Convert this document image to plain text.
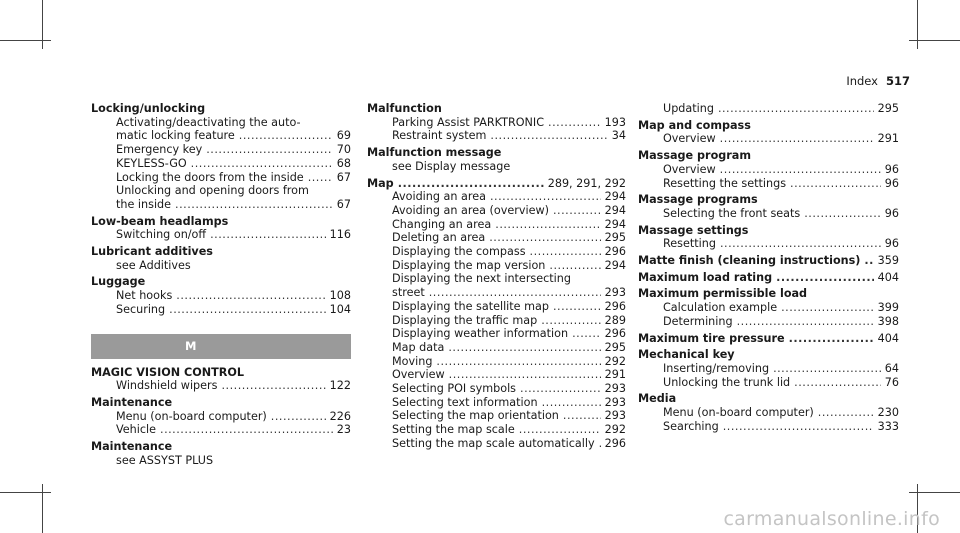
Index 517
Locking/unlocking
Activating/deactivating the auto-
matic locking feature .....	69
Emergency key .....	70
KEYLESS-GO .....	68
Locking the doors from the inside .....	67
Unlocking and opening doors from
the inside .....	67
Low-beam headlamps
Switching on/off .....	116
Lubricant additives
see Additives
Luggage
Net hooks .....	108
Securing .....	104
M
MAGIC VISION CONTROL
Windshield wipers .....	122
Maintenance
Menu (on-board computer) .....	226
Vehicle .....	23
Maintenance
see ASSYST PLUS
Malfunction
Parking Assist PARKTRONIC .....	193
Restraint system .....	34
Malfunction message
see Display message
Map .....	289, 291, 292
Avoiding an area .....	294
Avoiding an area (overview) .....	294
Changing an area .....	294
Deleting an area .....	295
Displaying the compass .....	296
Displaying the map version .....	294
Displaying the next intersecting
street .....	293
Displaying the satellite map .....	296
Displaying the traffic map .....	289
Displaying weather information .....	296
Map data .....	295
Moving .....	292
Overview .....	291
Selecting POI symbols .....	293
Selecting text information .....	293
Selecting the map orientation .....	293
Setting the map scale .....	292
Setting the map scale automatically ..... 296
Updating .....	295
Map and compass
Overview .....	291
Massage program
Overview .....	96
Resetting the settings .....	96
Massage programs
Selecting the front seats .....	96
Massage settings
Resetting .....	96
Matte finish (cleaning instructions) ..... 359
Maximum load rating .....	404
Maximum permissible load
Calculation example .....	399
Determining .....	398
Maximum tire pressure .....	404
Mechanical key
Inserting/removing .....	64
Unlocking the trunk lid .....	76
Media
Menu (on-board computer) .....	230
Searching .....	333
carmanualsonline.info
